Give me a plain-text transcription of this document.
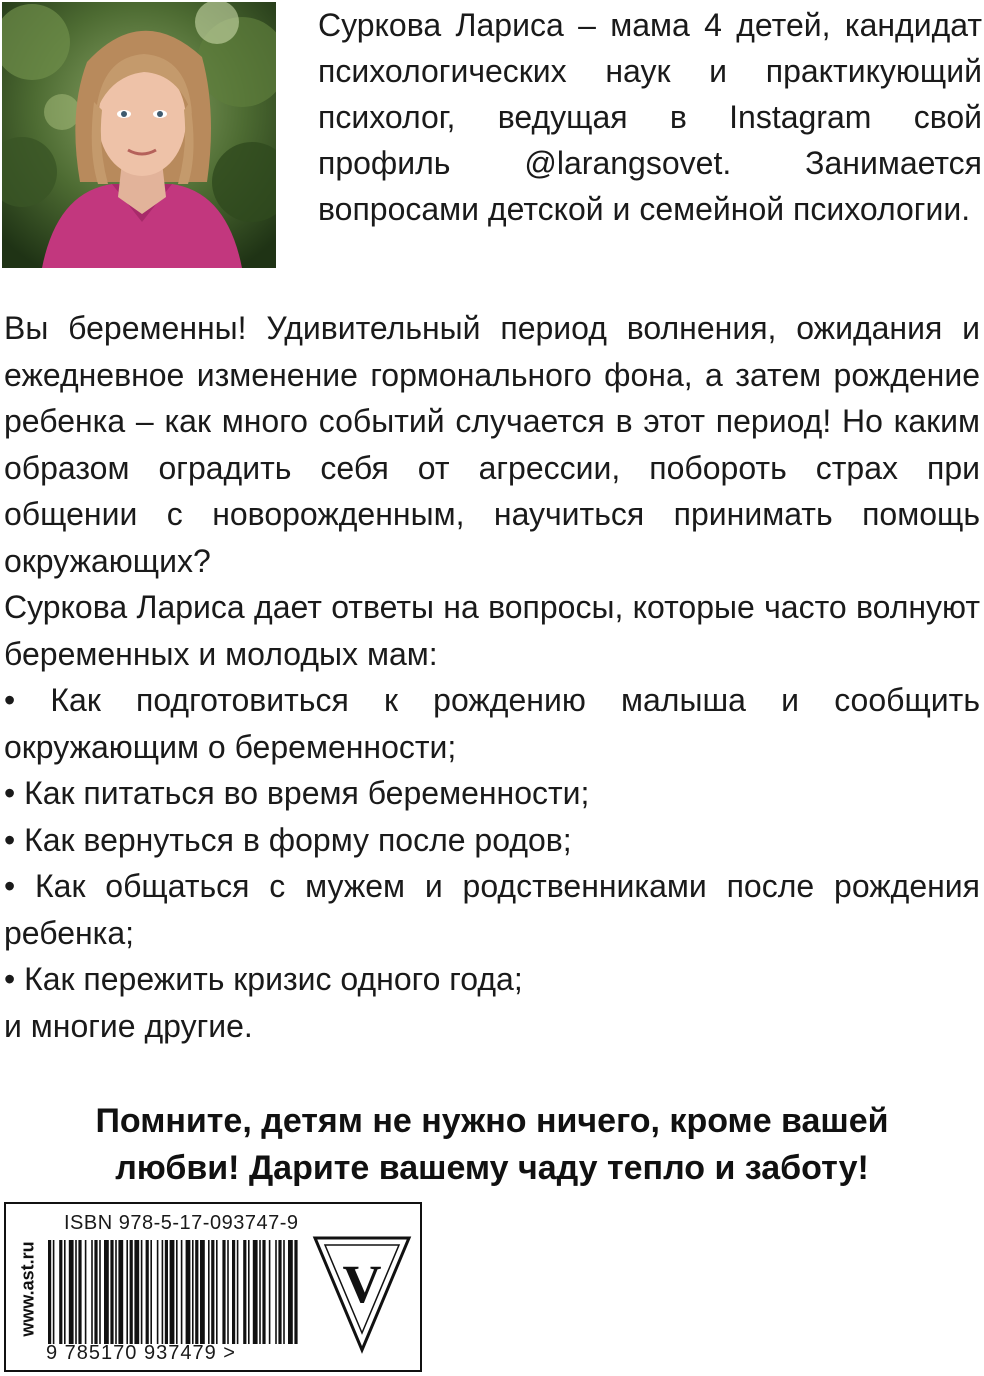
Суркова Лариса – мама 4 детей, кандидат психологических наук и практикующий психолог, ведущая в Instagram свой профиль @larangsovet. Занимается вопросами детской и семейной психологии.

Вы беременны! Удивительный период волнения, ожидания и ежедневное изменение гормонального фона, а затем рождение ребенка – как много событий случается в этот период! Но каким образом оградить себя от агрессии, побороть страх при общении с новорожденным, научиться принимать помощь окружающих?

Суркова Лариса дает ответы на вопросы, которые часто волнуют беременных и молодых мам:

• Как подготовиться к рождению малыша и сообщить окружающим о беременности;
• Как питаться во время беременности;
• Как вернуться в форму после родов;
• Как общаться с мужем и родственниками после рождения ребенка;
• Как пережить кризис одного года;

и многие другие.

Помните, детям не нужно ничего, кроме вашей
любви! Дарите вашему чаду тепло и заботу!
www.ast.ru
ISBN 978-5-17-093747-9
9 785170 937479 >
V
